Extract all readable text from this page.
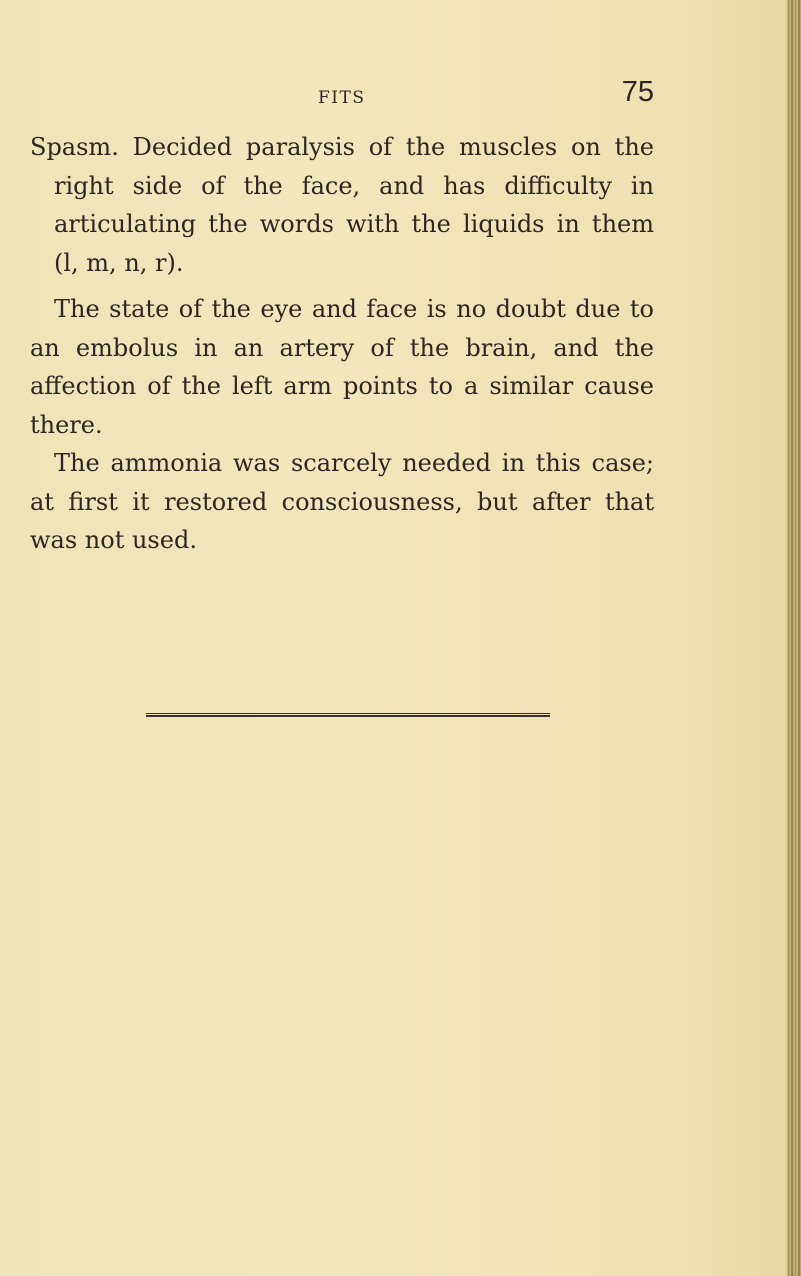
FITS	75

Spasm. Decided paralysis of the muscles on the right side of the face, and has difficulty in articulating the words with the liquids in them (l, m, n, r).

The state of the eye and face is no doubt due to an embolus in an artery of the brain, and the affection of the left arm points to a similar cause there.

The ammonia was scarcely needed in this case; at first it restored consciousness, but after that was not used.
